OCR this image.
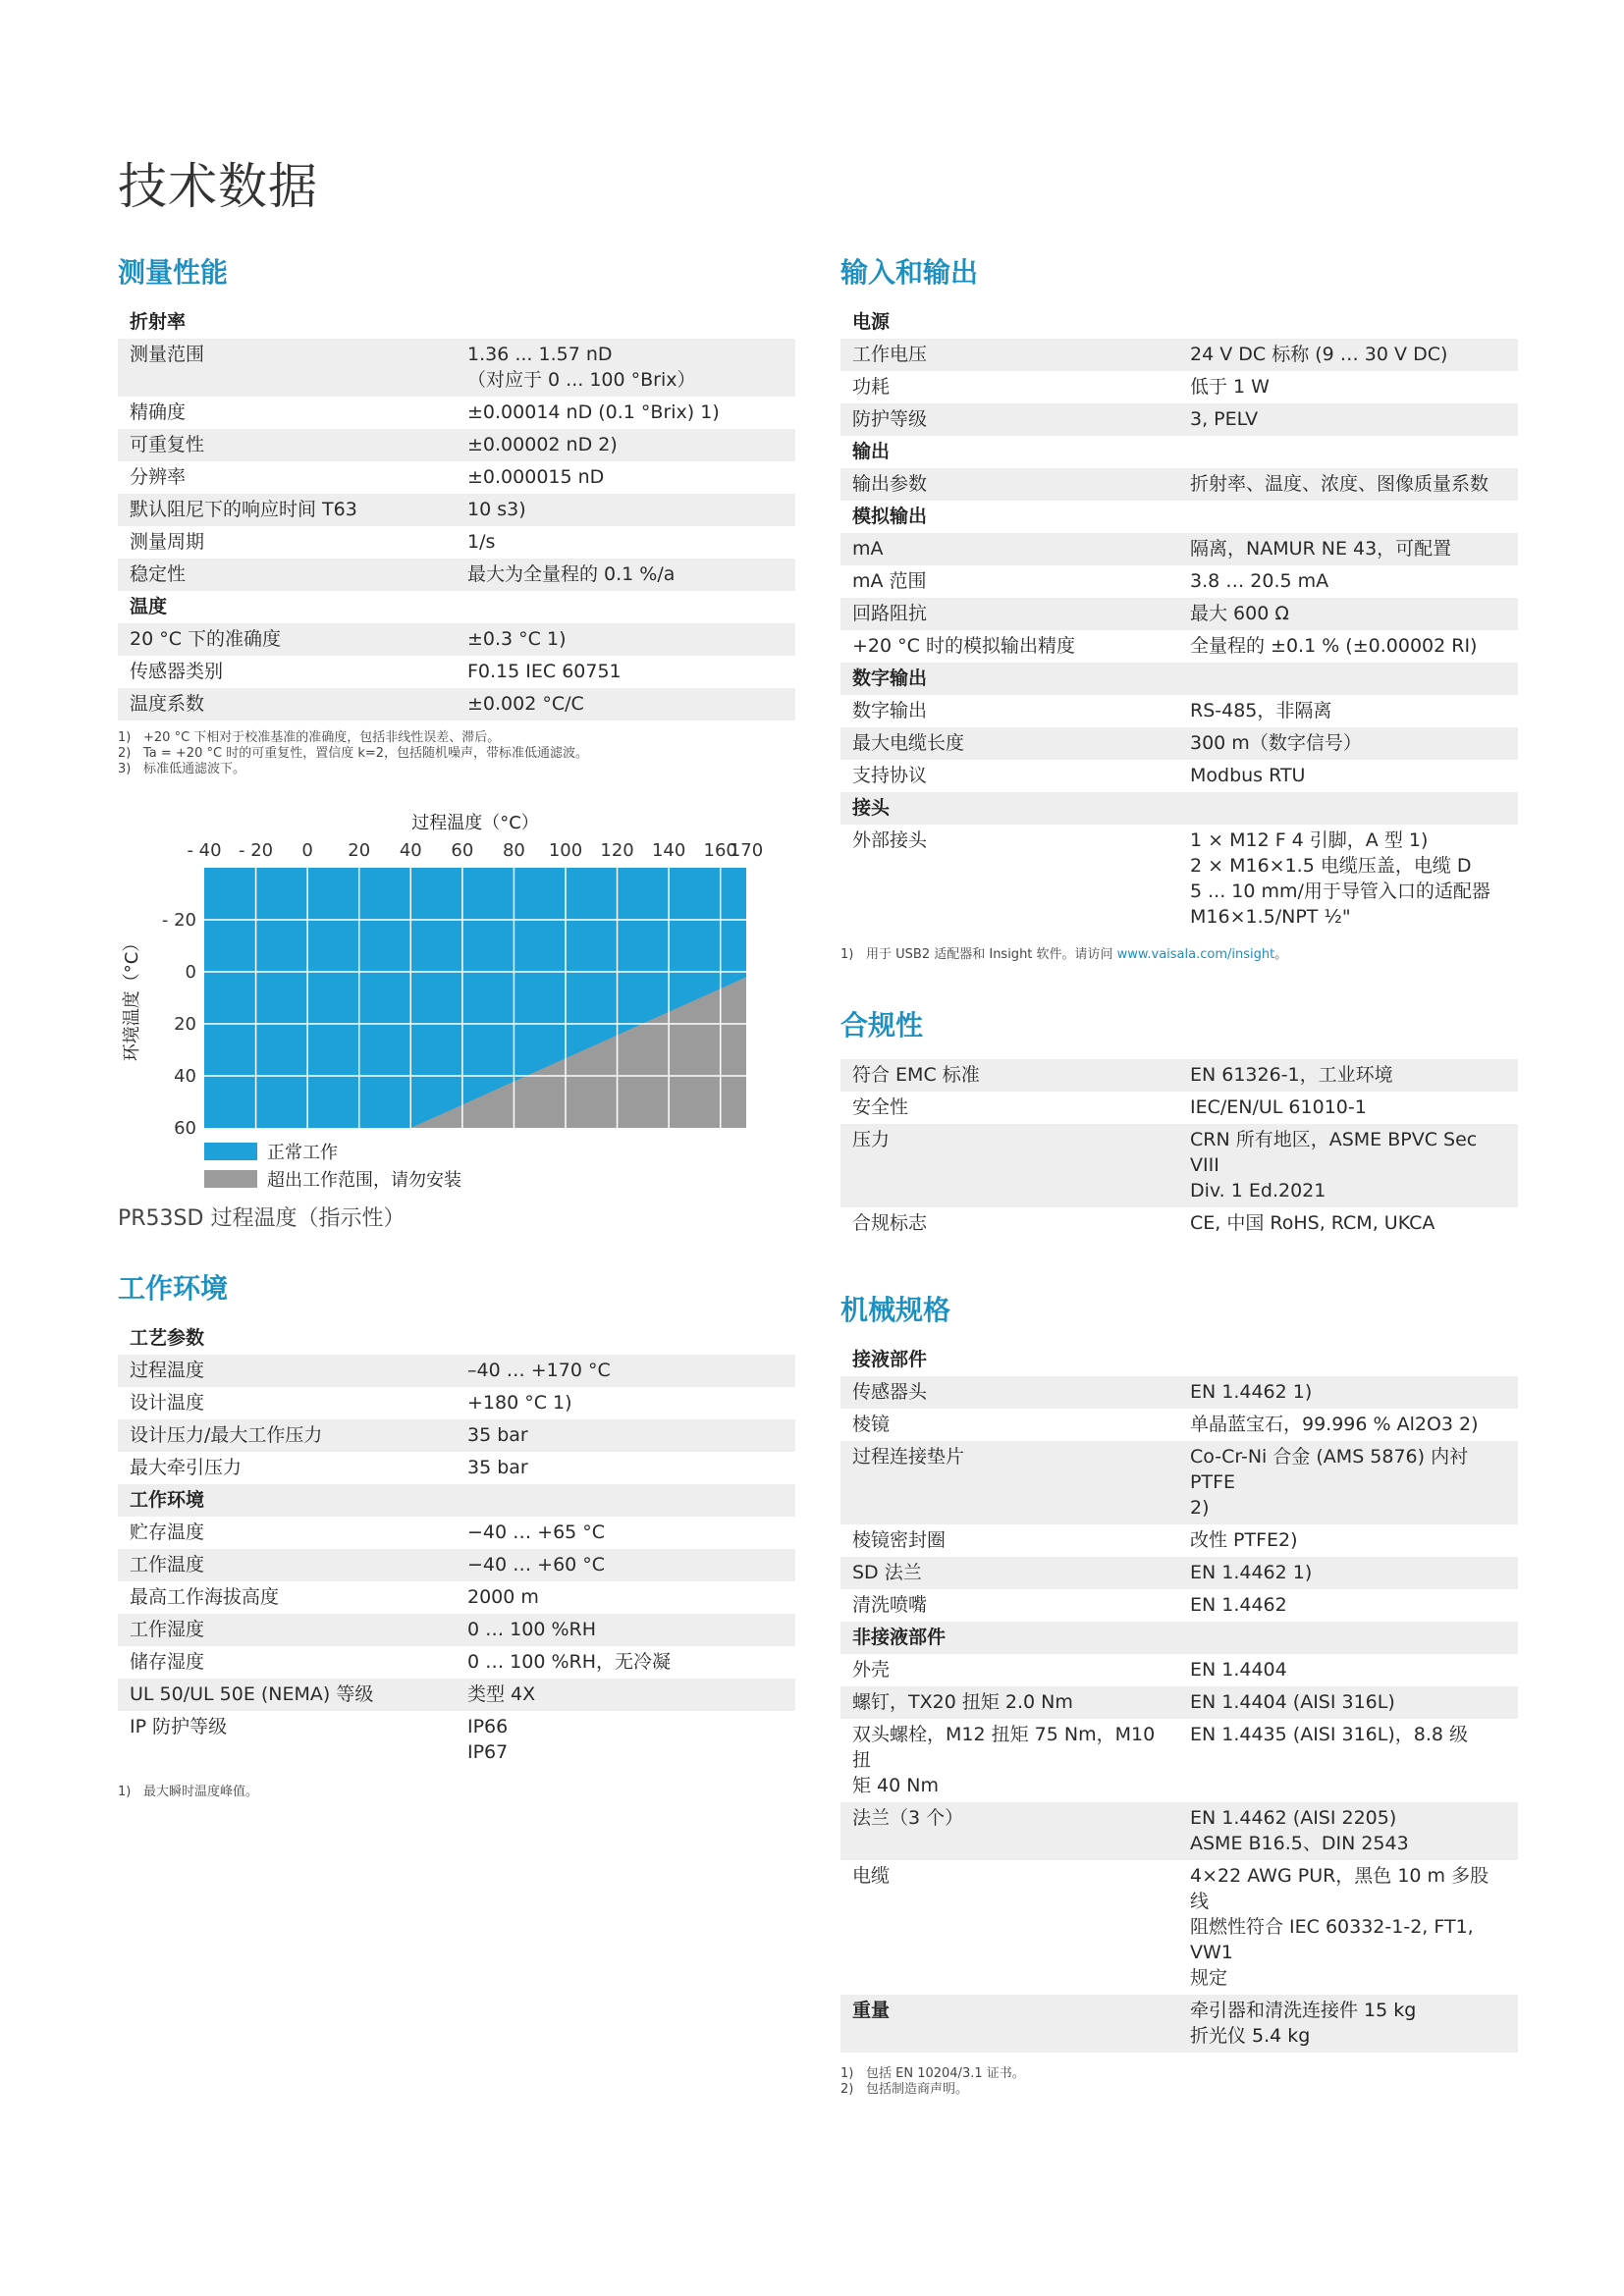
技术数据
测量性能
折射率	
测量范围	1.36 ... 1.57 nD
（对应于 0 ... 100 °Brix）
精确度	±0.00014 nD (0.1 °Brix) 1)
可重复性	±0.00002 nD 2)
分辨率	±0.000015 nD
默认阻尼下的响应时间 T63	10 s3)
测量周期	1/s
稳定性	最大为全量程的 0.1 %/a
温度	
20 °C 下的准确度	±0.3 °C 1)
传感器类别	F0.15 IEC 60751
温度系数	±0.002 °C/C
1) +20 °C 下相对于校准基准的准确度，包括非线性误差、滞后。
2) Ta = +20 °C 时的可重复性，置信度 k=2，包括随机噪声，带标准低通滤波。
3) 标准低通滤波下。
过程温度（°C）
- 40 - 20 0 20 40 60 80 100 120 140 160
170
- 20
0
20
40
60
环境温度（°C）
正常工作
超出工作范围，请勿安装
PR53SD 过程温度（指示性）
工作环境
工艺参数	
过程温度	–40 … +170 °C
设计温度	+180 °C 1)
设计压力/最大工作压力	35 bar
最大牵引压力	35 bar
工作环境	
贮存温度	−40 … +65 °C
工作温度	−40 … +60 °C
最高工作海拔高度	2000 m
工作湿度	0 … 100 %RH
储存湿度	0 … 100 %RH，无冷凝
UL 50/UL 50E (NEMA) 等级	类型 4X
IP 防护等级	IP66
IP67
1) 最大瞬时温度峰值。
输入和输出
电源	
工作电压	24 V DC 标称 (9 … 30 V DC)
功耗	低于 1 W
防护等级	3, PELV
输出	
输出参数	折射率、温度、浓度、图像质量系数
模拟输出	
mA	隔离，NAMUR NE 43，可配置
mA 范围	3.8 … 20.5 mA
回路阻抗	最大 600 Ω
+20 °C 时的模拟输出精度	全量程的 ±0.1 % (±0.00002 RI)
数字输出	
数字输出	RS-485，非隔离
最大电缆长度	300 m（数字信号）
支持协议	Modbus RTU
接头	
外部接头	1 × M12 F 4 引脚，A 型 1)
2 × M16×1.5 电缆压盖，电缆 D
5 ... 10 mm/用于导管入口的适配器
M16×1.5/NPT ½"
1) 用于 USB2 适配器和 Insight 软件。请访问 www.vaisala.com/insight。
合规性
符合 EMC 标准	EN 61326-1，工业环境
安全性	IEC/EN/UL 61010-1
压力	CRN 所有地区，ASME BPVC Sec VIII
Div. 1 Ed.2021
合规标志	CE, 中国 RoHS, RCM, UKCA
机械规格
接液部件	
传感器头	EN 1.4462 1)
棱镜	单晶蓝宝石，99.996 % Al2O3 2)
过程连接垫片	Co-Cr-Ni 合金 (AMS 5876) 内衬 PTFE
2)
棱镜密封圈	改性 PTFE2)
SD 法兰	EN 1.4462 1)
清洗喷嘴	EN 1.4462
非接液部件	
外壳	EN 1.4404
螺钉，TX20 扭矩 2.0 Nm	EN 1.4404 (AISI 316L)
双头螺栓，M12 扭矩 75 Nm，M10 扭
矩 40 Nm	EN 1.4435 (AISI 316L)，8.8 级
法兰（3 个）	EN 1.4462 (AISI 2205)
ASME B16.5、DIN 2543
电缆	4×22 AWG PUR，黑色 10 m 多股线
阻燃性符合 IEC 60332-1-2, FT1, VW1
规定
重量	牵引器和清洗连接件 15 kg
折光仪 5.4 kg
1) 包括 EN 10204/3.1 证书。
2) 包括制造商声明。
